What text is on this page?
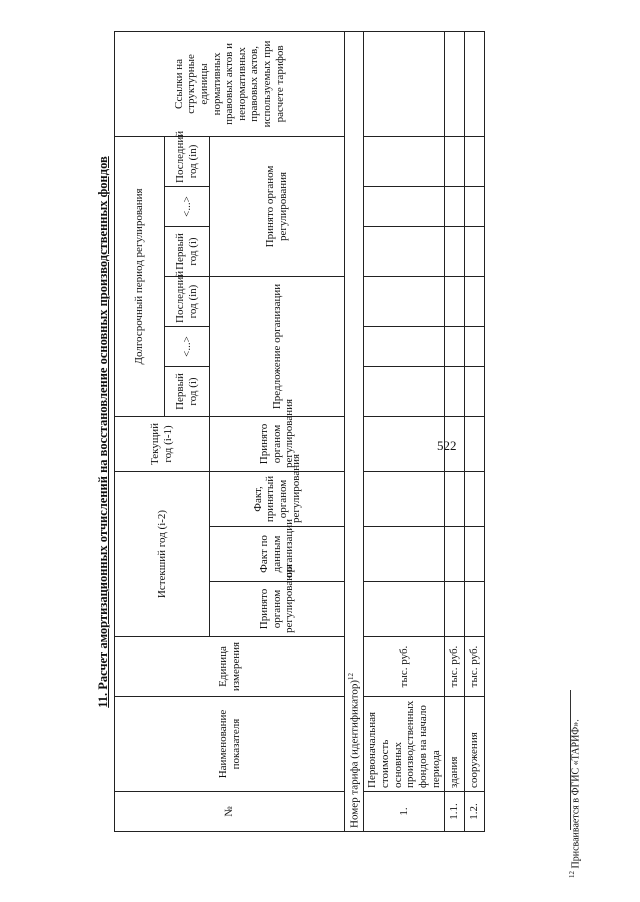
522
11. Расчет амортизационных отчислений на восстановление основных производственных фондов
№	Наименование показателя	Единица измерения	Истекший год (i-2)			Текущий год (i-1)	Долгосрочный период регулирования						Ссылки на структурные единицы нормативных правовых актов и ненормативных правовых актов, используемых при расчете тарифов
							Первый год (i)	<...>	Последний год (in)	Первый год (i)	<...>	Последний год (in)	
			Принято органом регулирования	Факт по данным организации	Факт, принятый органом регулирования	Принято органом регулирования	Предложение организации			Принято органом регулирования			
Номер тарифа (идентификатор)$^{12}$
1.	Первоначальная стоимость основных производственных фондов на начало периода	тыс. руб.											
1.1.	здания	тыс. руб.											
1.2.	сооружения	тыс. руб.											
$^{12}$ Присваивается в ФГИС «ТАРИФ».
